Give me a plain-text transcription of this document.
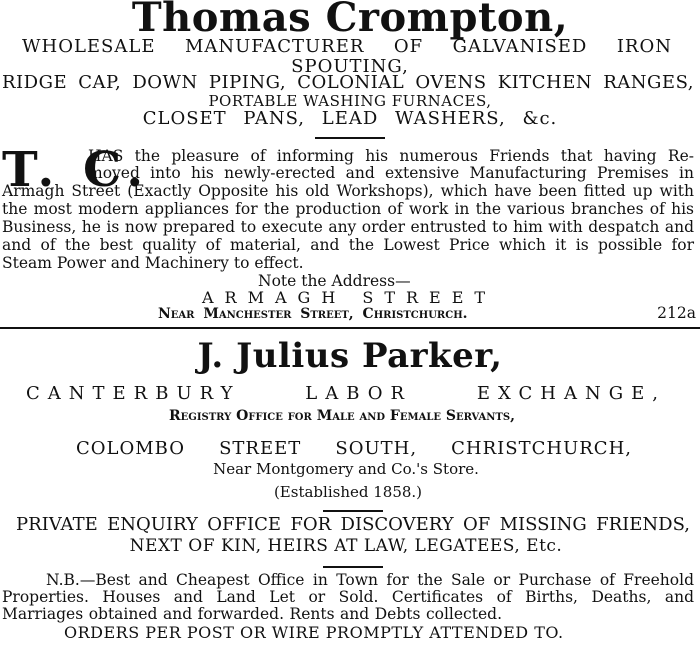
Thomas Crompton,
WHOLESALE MANUFACTURER OF GALVANISED IRON
SPOUTING,
RIDGE CAP, DOWN PIPING, COLONIAL OVENS KITCHEN RANGES,
PORTABLE WASHING FURNACES,
CLOSET PANS, LEAD WASHERS, &c.
T. C.
HAS the pleasure of informing his numerous Friends that having Re-
moved into his newly-erected and extensive Manufacturing Premises in
Armagh Street (Exactly Opposite his old Workshops), which have been fitted up with
the most modern appliances for the production of work in the various branches of his
Business, he is now prepared to execute any order entrusted to him with despatch and
and of the best quality of material, and the Lowest Price which it is possible for
Steam Power and Machinery to effect.
Note the Address—
ARMAGH STREET
Near Manchester Street, Christchurch.	212a
J. Julius Parker,
CANTERBURY LABOR EXCHANGE,
Registry Office for Male and Female Servants,
COLOMBO STREET SOUTH, CHRISTCHURCH,
Near Montgomery and Co.'s Store.
(Established 1858.)
PRIVATE ENQUIRY OFFICE FOR DISCOVERY OF MISSING FRIENDS,
NEXT OF KIN, HEIRS AT LAW, LEGATEES, Etc.
N.B.—Best and Cheapest Office in Town for the Sale or Purchase of Freehold
Properties. Houses and Land Let or Sold. Certificates of Births, Deaths, and
Marriages obtained and forwarded. Rents and Debts collected.
ORDERS PER POST OR WIRE PROMPTLY ATTENDED TO.
